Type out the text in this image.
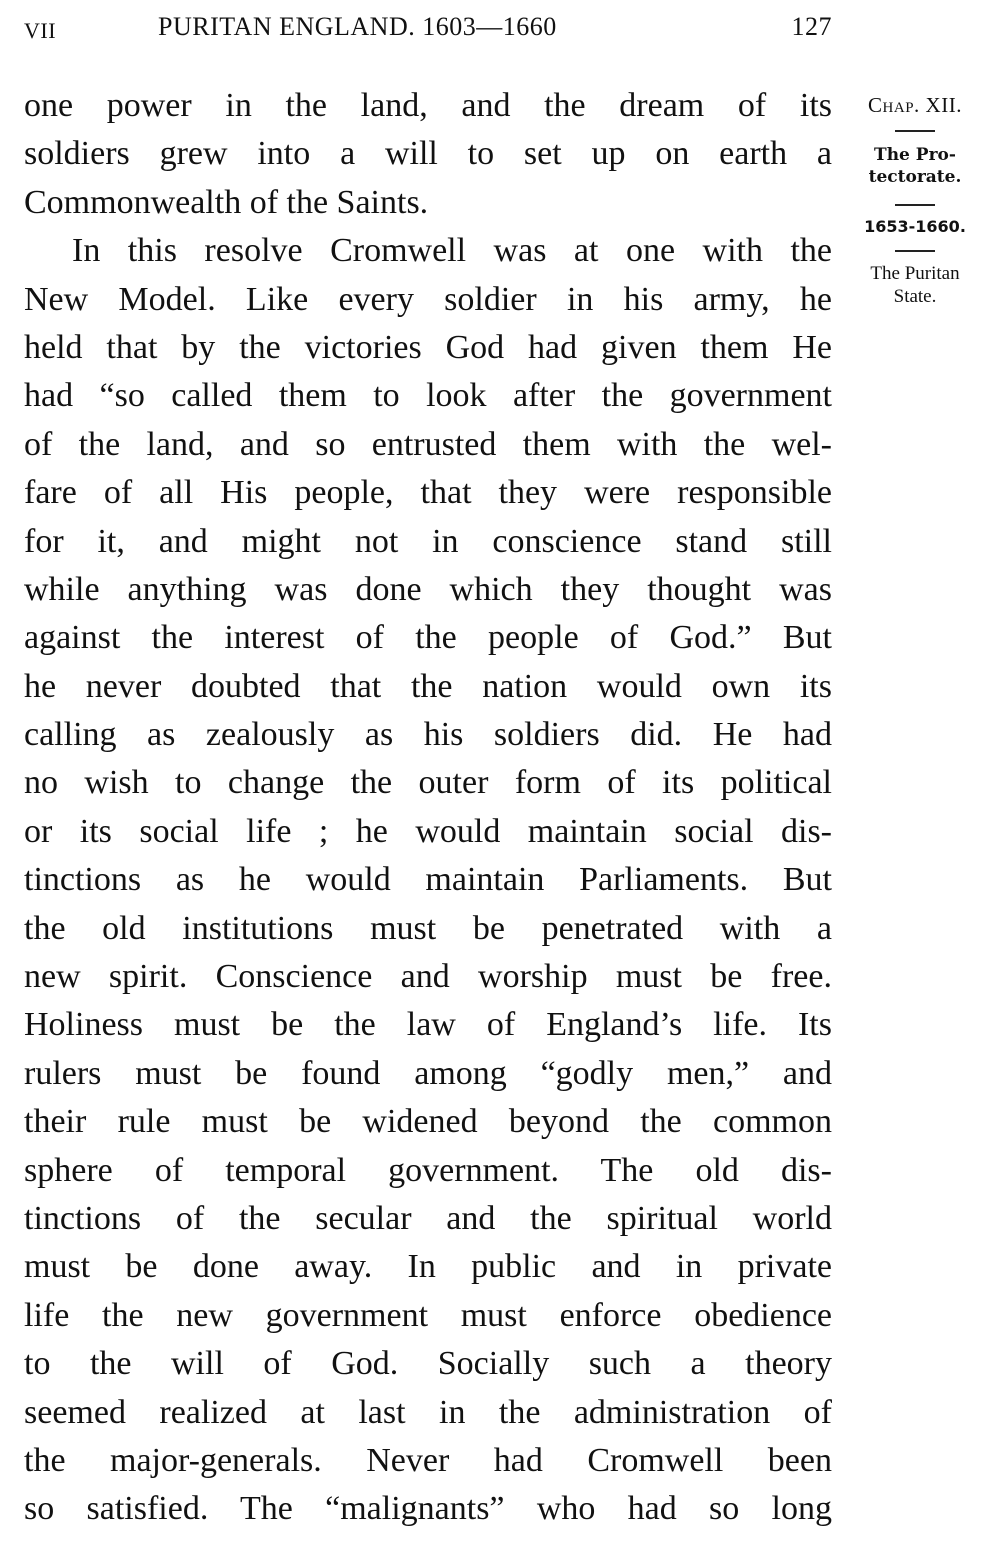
VII	PURITAN ENGLAND. 1603—1660	127
one power in the land, and the dream of its
soldiers grew into a will to set up on earth a
Commonwealth of the Saints.
In this resolve Cromwell was at one with the
New Model. Like every soldier in his army, he
held that by the victories God had given them He
had “so called them to look after the government
of the land, and so entrusted them with the wel-
fare of all His people, that they were responsible
for it, and might not in conscience stand still
while anything was done which they thought was
against the interest of the people of God.” But
he never doubted that the nation would own its
calling as zealously as his soldiers did. He had
no wish to change the outer form of its political
or its social life ; he would maintain social dis-
tinctions as he would maintain Parliaments. But
the old institutions must be penetrated with a
new spirit. Conscience and worship must be free.
Holiness must be the law of England’s life. Its
rulers must be found among “godly men,” and
their rule must be widened beyond the common
sphere of temporal government. The old dis-
tinctions of the secular and the spiritual world
must be done away. In public and in private
life the new government must enforce obedience
to the will of God. Socially such a theory
seemed realized at last in the administration of
the major-generals. Never had Cromwell been
so satisfied. The “malignants” who had so long
Chap. XII.
The Pro-
tectorate.
1653-1660.
The Puritan
State.
